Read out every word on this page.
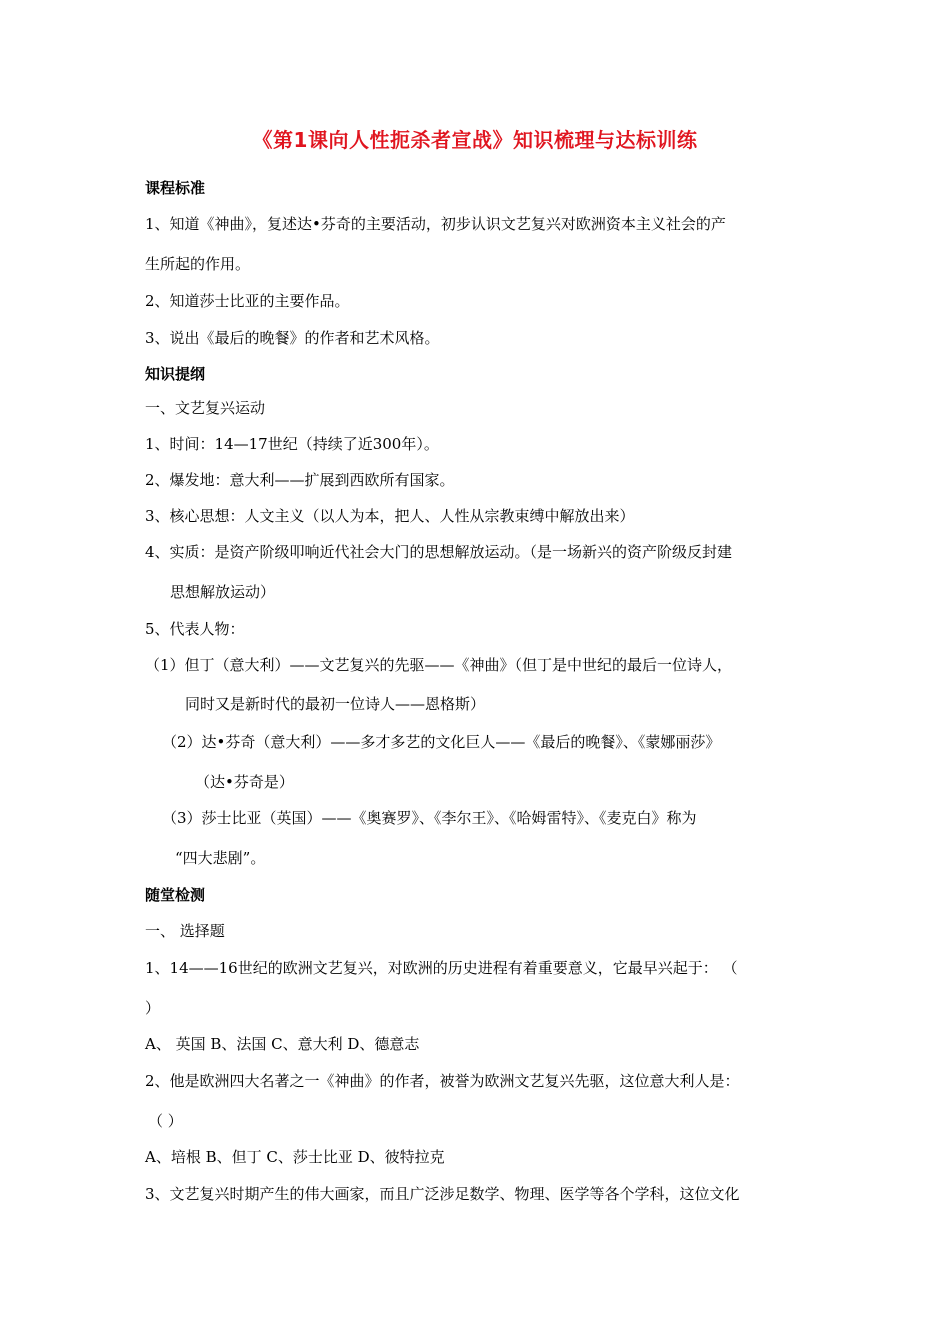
《第1课向人性扼杀者宣战》知识梳理与达标训练
课程标准
1、知道《神曲》，复述达•芬奇的主要活动，初步认识文艺复兴对欧洲资本主义社会的产
生所起的作用。
2、知道莎士比亚的主要作品。
3、说出《最后的晚餐》的作者和艺术风格。
知识提纲
一、文艺复兴运动
1、时间：14—17世纪（持续了近300年）。
2、爆发地：意大利——扩展到西欧所有国家。
3、核心思想：人文主义（以人为本，把人、人性从宗教束缚中解放出来）
4、实质：是资产阶级叩响近代社会大门的思想解放运动。（是一场新兴的资产阶级反封建
思想解放运动）
5、代表人物：
（1）但丁（意大利）——文艺复兴的先驱——《神曲》（但丁是中世纪的最后一位诗人，
同时又是新时代的最初一位诗人——恩格斯）
（2）达•芬奇（意大利）——多才多艺的文化巨人——《最后的晚餐》、《蒙娜丽莎》
（达•芬奇是）
（3）莎士比亚（英国）——《奥赛罗》、《李尔王》、《哈姆雷特》、《麦克白》称为
“四大悲剧”。
随堂检测
一、 选择题
1、14——16世纪的欧洲文艺复兴，对欧洲的历史进程有着重要意义，它最早兴起于： （
）
A、 英国 B、法国 C、意大利 D、德意志
2、他是欧洲四大名著之一《神曲》的作者，被誉为欧洲文艺复兴先驱，这位意大利人是：
（ ）
A、培根 B、但丁 C、莎士比亚 D、彼特拉克
3、文艺复兴时期产生的伟大画家，而且广泛涉足数学、物理、医学等各个学科，这位文化
